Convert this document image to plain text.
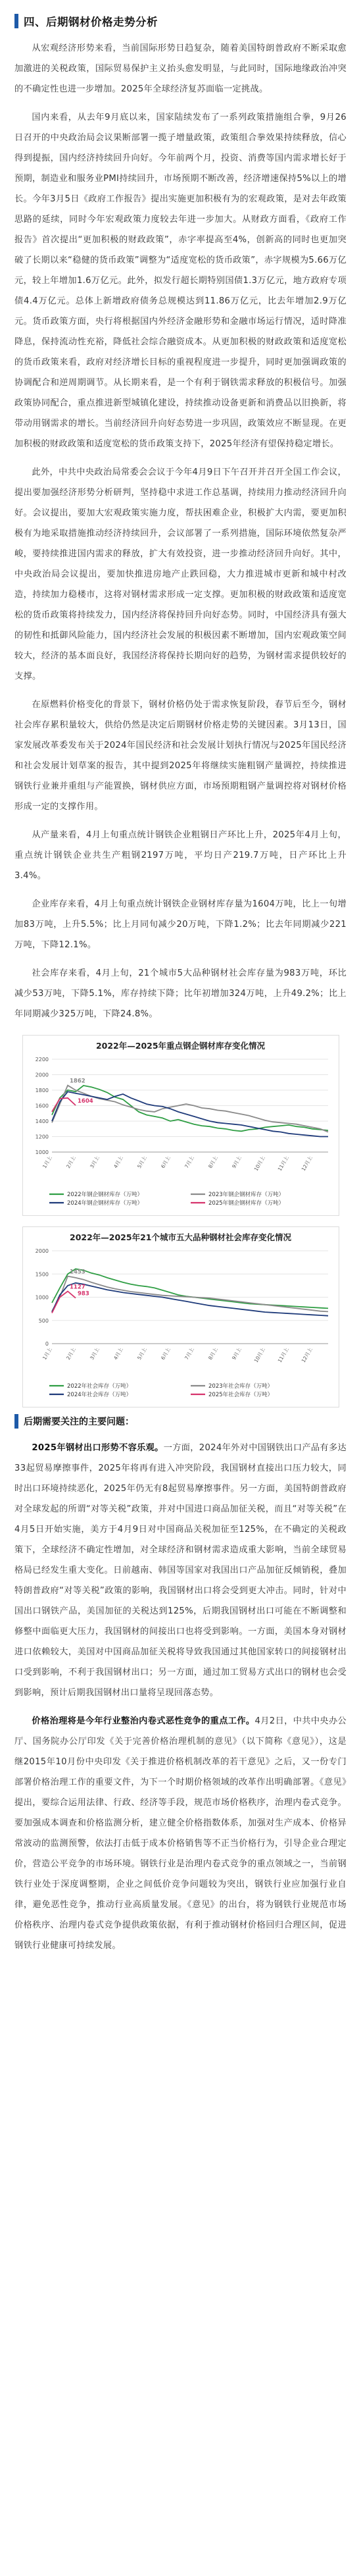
四、后期钢材价格走势分析

从宏观经济形势来看，当前国际形势日趋复杂，随着美国特朗普政府不断采取愈加激进的关税政策，国际贸易保护主义抬头愈发明显，与此同时，国际地缘政治冲突的不确定性也进一步增加。2025年全球经济复苏面临一定挑战。

国内来看，从去年9月底以来，国家陆续发布了一系列政策措施组合拳，9月26日召开的中央政治局会议果断部署一揽子增量政策，政策组合拳效果持续释放，信心得到提振，国内经济持续回升向好。今年前两个月，投资、消费等国内需求增长好于预期，制造业和服务业PMI持续回升，市场预期不断改善，经济增速保持5%以上的增长。今年3月5日《政府工作报告》提出实施更加积极有为的宏观政策，是对去年政策思路的延续，同时今年宏观政策力度较去年进一步加大。从财政方面看，《政府工作报告》首次提出“更加积极的财政政策”，赤字率提高至4%，创新高的同时也更加突破了长期以来“稳健的货币政策”调整为“适度宽松的货币政策”，赤字规模为5.66万亿元，较上年增加1.6万亿元。此外，拟发行超长期特别国债1.3万亿元，地方政府专项债4.4万亿元。总体上新增政府债务总规模达到11.86万亿元，比去年增加2.9万亿元。货币政策方面，央行将根据国内外经济金融形势和金融市场运行情况，适时降准降息，保持流动性充裕，降低社会综合融资成本。从更加积极的财政政策和适度宽松的货币政策来看，政府对经济增长目标的重视程度进一步提升，同时更加强调政策的协调配合和逆周期调节。从长期来看，是一个有利于钢铁需求释放的积极信号。加强政策协同配合，重点推进新型城镇化建设，持续推动设备更新和消费品以旧换新，将带动用钢需求的增长。当前经济回升向好态势进一步巩固，政策效应不断显现。在更加积极的财政政策和适度宽松的货币政策支持下，2025年经济有望保持稳定增长。

此外，中共中央政治局常委会会议于今年4月9日下午召开并召开全国工作会议，提出要加强经济形势分析研判，坚持稳中求进工作总基调，持续用力推动经济回升向好。会议提出，要加大宏观政策实施力度，帮扶困难企业，积极扩大内需，要更加积极有为地采取措施推动经济持续回升，会议部署了一系列措施，国际环境依然复杂严峻，要持续推进国内需求的释放，扩大有效投资，进一步推动经济回升向好。其中，中央政治局会议提出，要加快推进房地产止跌回稳，大力推进城市更新和城中村改造，持续加力稳楼市，这将对钢材需求形成一定支撑。更加积极的财政政策和适度宽松的货币政策将持续发力，国内经济将保持回升向好态势。同时，中国经济具有强大的韧性和抵御风险能力，国内经济社会发展的积极因素不断增加，国内宏观政策空间较大，经济的基本面良好，我国经济将保持长期向好的趋势，为钢材需求提供较好的支撑。

在原燃料价格变化的背景下，钢材价格仍处于需求恢复阶段，春节后至今，钢材社会库存累积量较大，供给仍然是决定后期钢材价格走势的关键因素。3月13日，国家发展改革委发布关于2024年国民经济和社会发展计划执行情况与2025年国民经济和社会发展计划草案的报告，其中提到2025年将继续实施粗钢产量调控，持续推进钢铁行业兼并重组与产能置换，钢材供应方面，市场预期粗钢产量调控将对钢材价格形成一定的支撑作用。

从产量来看，4月上旬重点统计钢铁企业粗钢日产环比上升，2025年4月上旬，重点统计钢铁企业共生产粗钢2197万吨，平均日产219.7万吨，日产环比上升3.4%。

企业库存来看，4月上旬重点统计钢铁企业钢材库存量为1604万吨，比上一旬增加83万吨，上升5.5%；比上月同旬减少20万吨，下降1.2%；比去年同期减少221万吨，下降12.1%。

社会库存来看，4月上旬，21个城市5大品种钢材社会库存量为983万吨，环比减少53万吨，下降5.1%，库存持续下降；比年初增加324万吨，上升49.2%；比上年同期减少325万吨，下降24.8%。

2022年—2025年重点钢企钢材库存变化情况
1000
1200
1400
1600
1800
2000
2200
1月上 2月上 3月上 4月上 5月上 6月上 7月上 8月上 9月上 10月上 11月上 12月上
1862
1604
2022年钢企钢材库存（万吨）	2023年钢企钢材库存（万吨）
2024年钢企钢材库存（万吨）	2025年钢企钢材库存（万吨）
2022年—2025年21个城市五大品种钢材社会库存变化情况
0
500
1000
1500
2000
1月上 2月上 3月上 4月上 5月上 6月上 7月上 8月上 9月上 10月上 11月上 12月上
1453
1127
983
2022年社会库存（万吨）	2023年社会库存（万吨）
2024年社会库存（万吨）	2025年社会库存（万吨）
后期需要关注的主要问题：

2025年钢材出口形势不容乐观。一方面，2024年外对中国钢铁出口产品有多达33起贸易摩擦事件，2025年将再有进入冲突阶段，我国钢材直接出口压力较大，同时出口环境持续恶化，2025年仍无有8起贸易摩擦事件。另一方面，美国特朗普政府对全球发起的所谓“对等关税”政策，并对中国进口商品加征关税，而且“对等关税”在4月5日开始实施，美方于4月9日对中国商品关税加征至125%，在不确定的关税政策下，全球经济不确定性增加，对全球经济和钢材需求造成重大影响，当前全球贸易格局已经发生重大变化。日前越南、韩国等国家对我国出口产品加征反倾销税，叠加特朗普政府“对等关税”政策的影响，我国钢材出口将会受到更大冲击。同时，针对中国出口钢铁产品，美国加征的关税达到125%，后期我国钢材出口可能在不断调整和修整中面临更大压力，我国钢材的间接出口也将受到影响。一方面，美国本身对钢材进口依赖较大，美国对中国商品加征关税将导致我国通过其他国家转口的间接钢材出口受到影响，不利于我国钢材出口；另一方面，通过加工贸易方式出口的钢材也会受到影响，预计后期我国钢材出口量将呈现回落态势。

价格治理将是今年行业整治内卷式恶性竞争的重点工作。4月2日，中共中央办公厅、国务院办公厅印发《关于完善价格治理机制的意见》（以下简称《意见》），这是继2015年10月份中央印发《关于推进价格机制改革的若干意见》之后，又一份专门部署价格治理工作的重要文件，为下一个时期价格领域的改革作出明确部署。《意见》提出，要综合运用法律、行政、经济等手段，规范市场价格秩序，治理内卷式竞争。要加强成本调查和价格监测分析，建立健全价格指数体系，加强对生产成本、价格异常波动的监测预警，依法打击低于成本价格销售等不正当价格行为，引导企业合理定价，营造公平竞争的市场环境。钢铁行业是治理内卷式竞争的重点领域之一，当前钢铁行业处于深度调整期，企业之间低价竞争问题较为突出，钢铁行业应加强行业自律，避免恶性竞争，推动行业高质量发展。《意见》的出台，将为钢铁行业规范市场价格秩序、治理内卷式竞争提供政策依据，有利于推动钢材价格回归合理区间，促进钢铁行业健康可持续发展。
